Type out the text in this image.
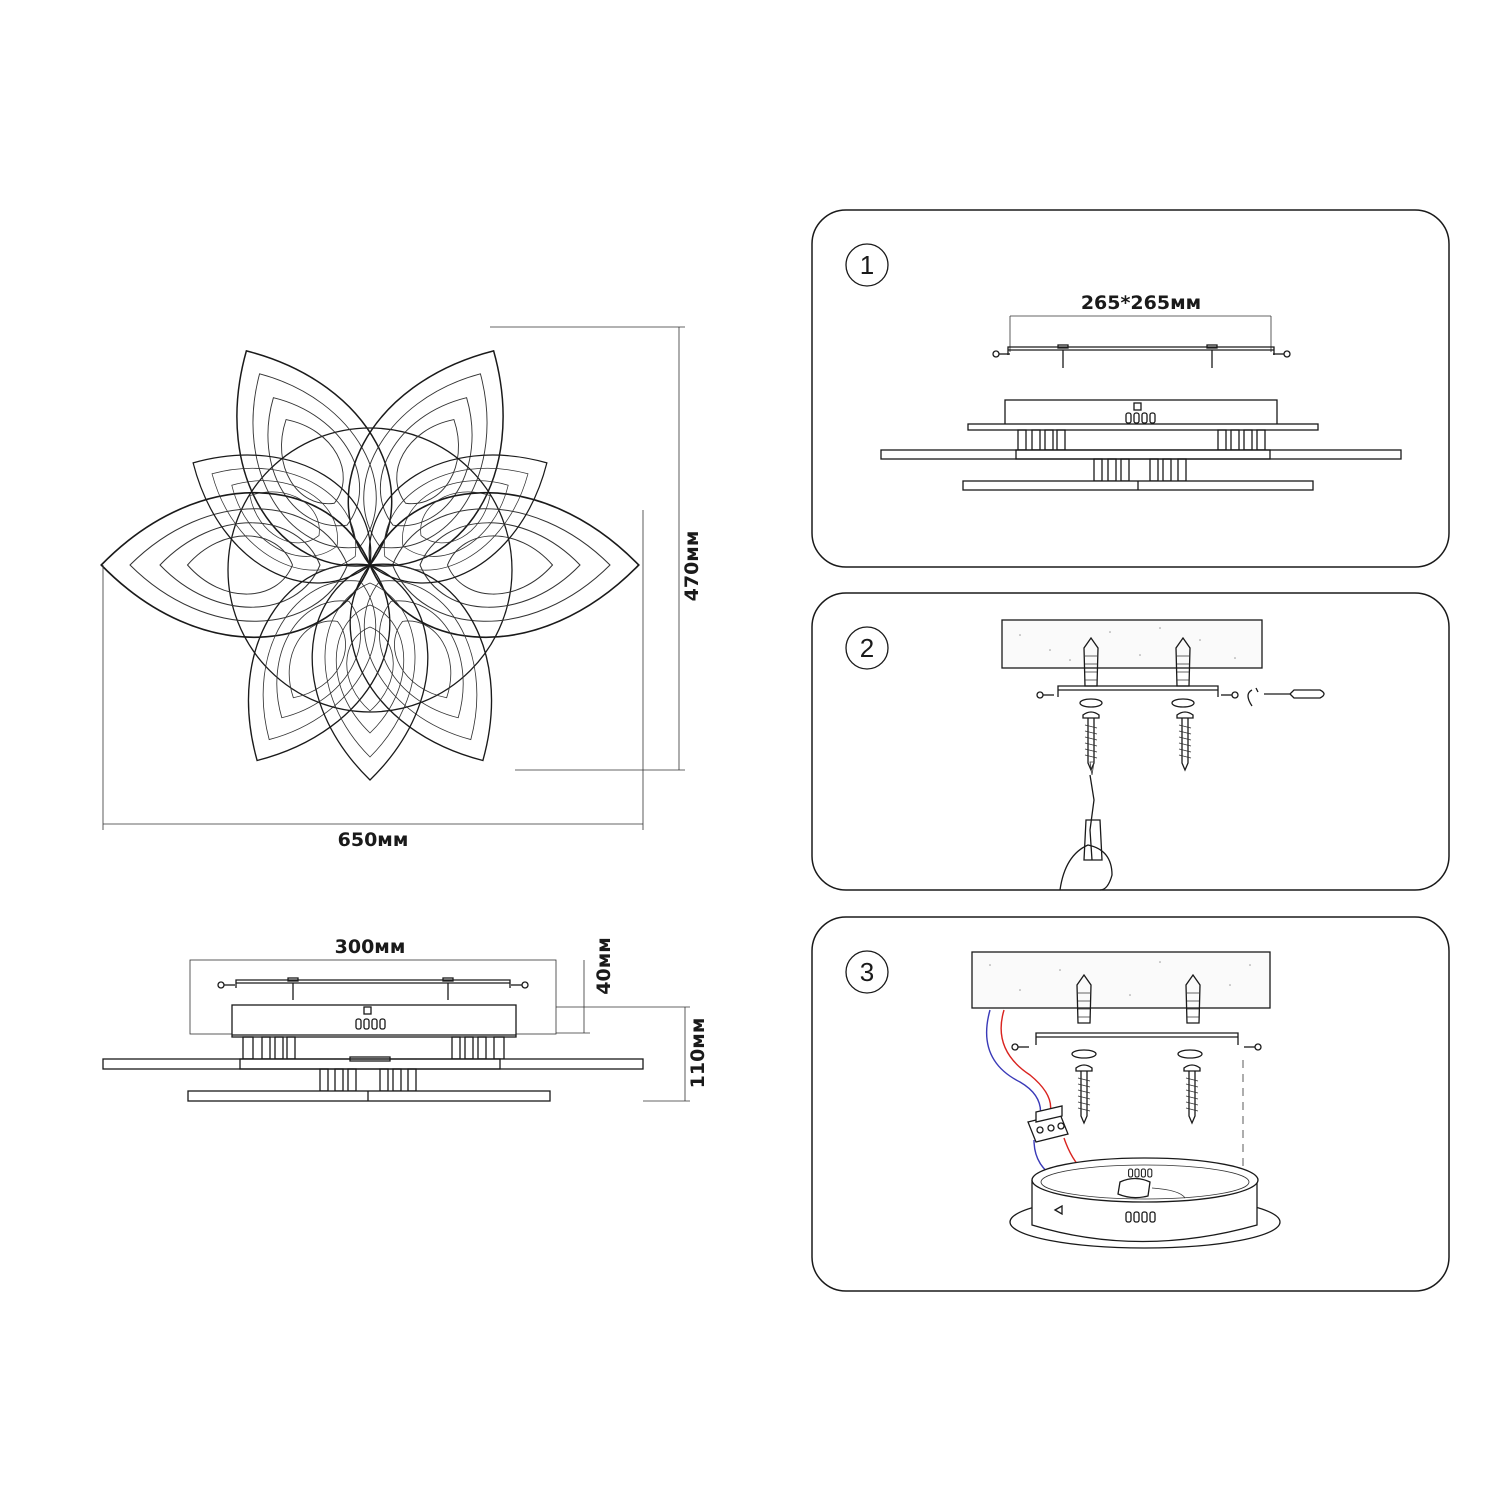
650мм
470мм
300мм	40мм
110мм
1
2
3
265*265мм
